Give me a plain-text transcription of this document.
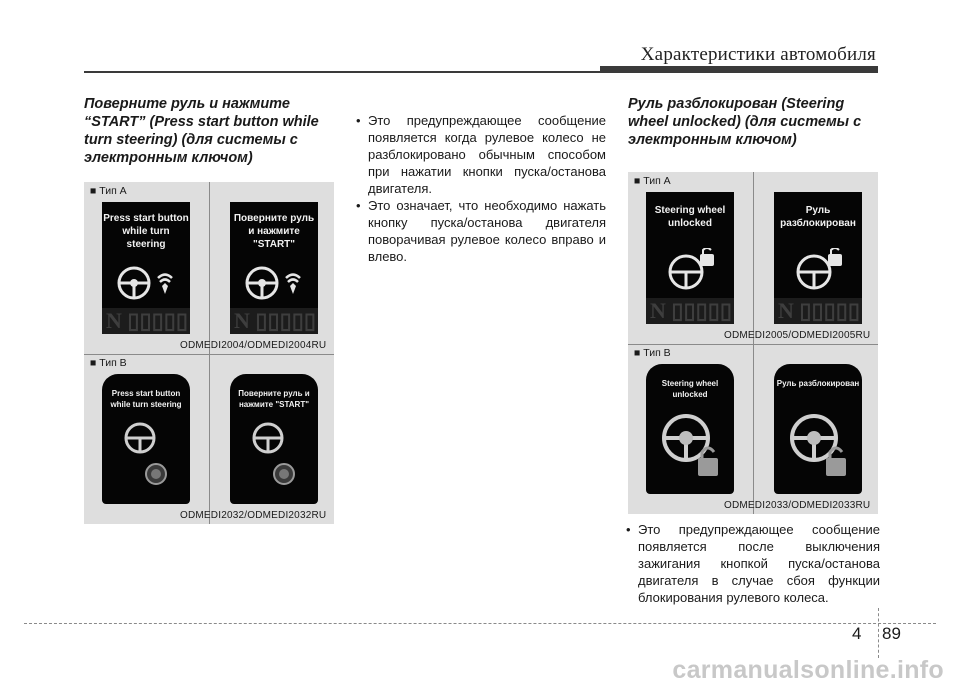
Характеристики автомобиля
Поверните руль и нажмите “START” (Press start button while turn steering) (для системы с электронным ключом)
■ Тип A
Press start button while turn steering
N ▯▯▯▯▯
ODMEDI2004/ODMEDI2004RU
Поверните руль и нажмите "START"
N ▯▯▯▯▯
■ Тип B
Press start button while turn steering
ODMEDI2032/ODMEDI2032RU
Поверните руль и нажмите "START"
• Это предупреждающее сообщение появляется когда рулевое колесо не разблокировано обычным способом при нажатии кнопки пуска/останова двигателя.
• Это означает, что необходимо нажать кнопку пуска/останова двигателя поворачивая рулевое колесо вправо и влево.
Руль разблокирован (Steering wheel unlocked) (для системы с электронным ключом)
■ Тип A
Steering wheel unlocked
N ▯▯▯▯▯
ODMEDI2005/ODMEDI2005RU
Руль разблокирован
N ▯▯▯▯▯
■ Тип B
Steering wheel unlocked
ODMEDI2033/ODMEDI2033RU
Руль разблокирован
• Это предупреждающее сообщение появляется после выключения зажигания кнопкой пуска/останова двигателя в случае сбоя функции блокирования рулевого колеса.
4 89
carmanualsonline.info
